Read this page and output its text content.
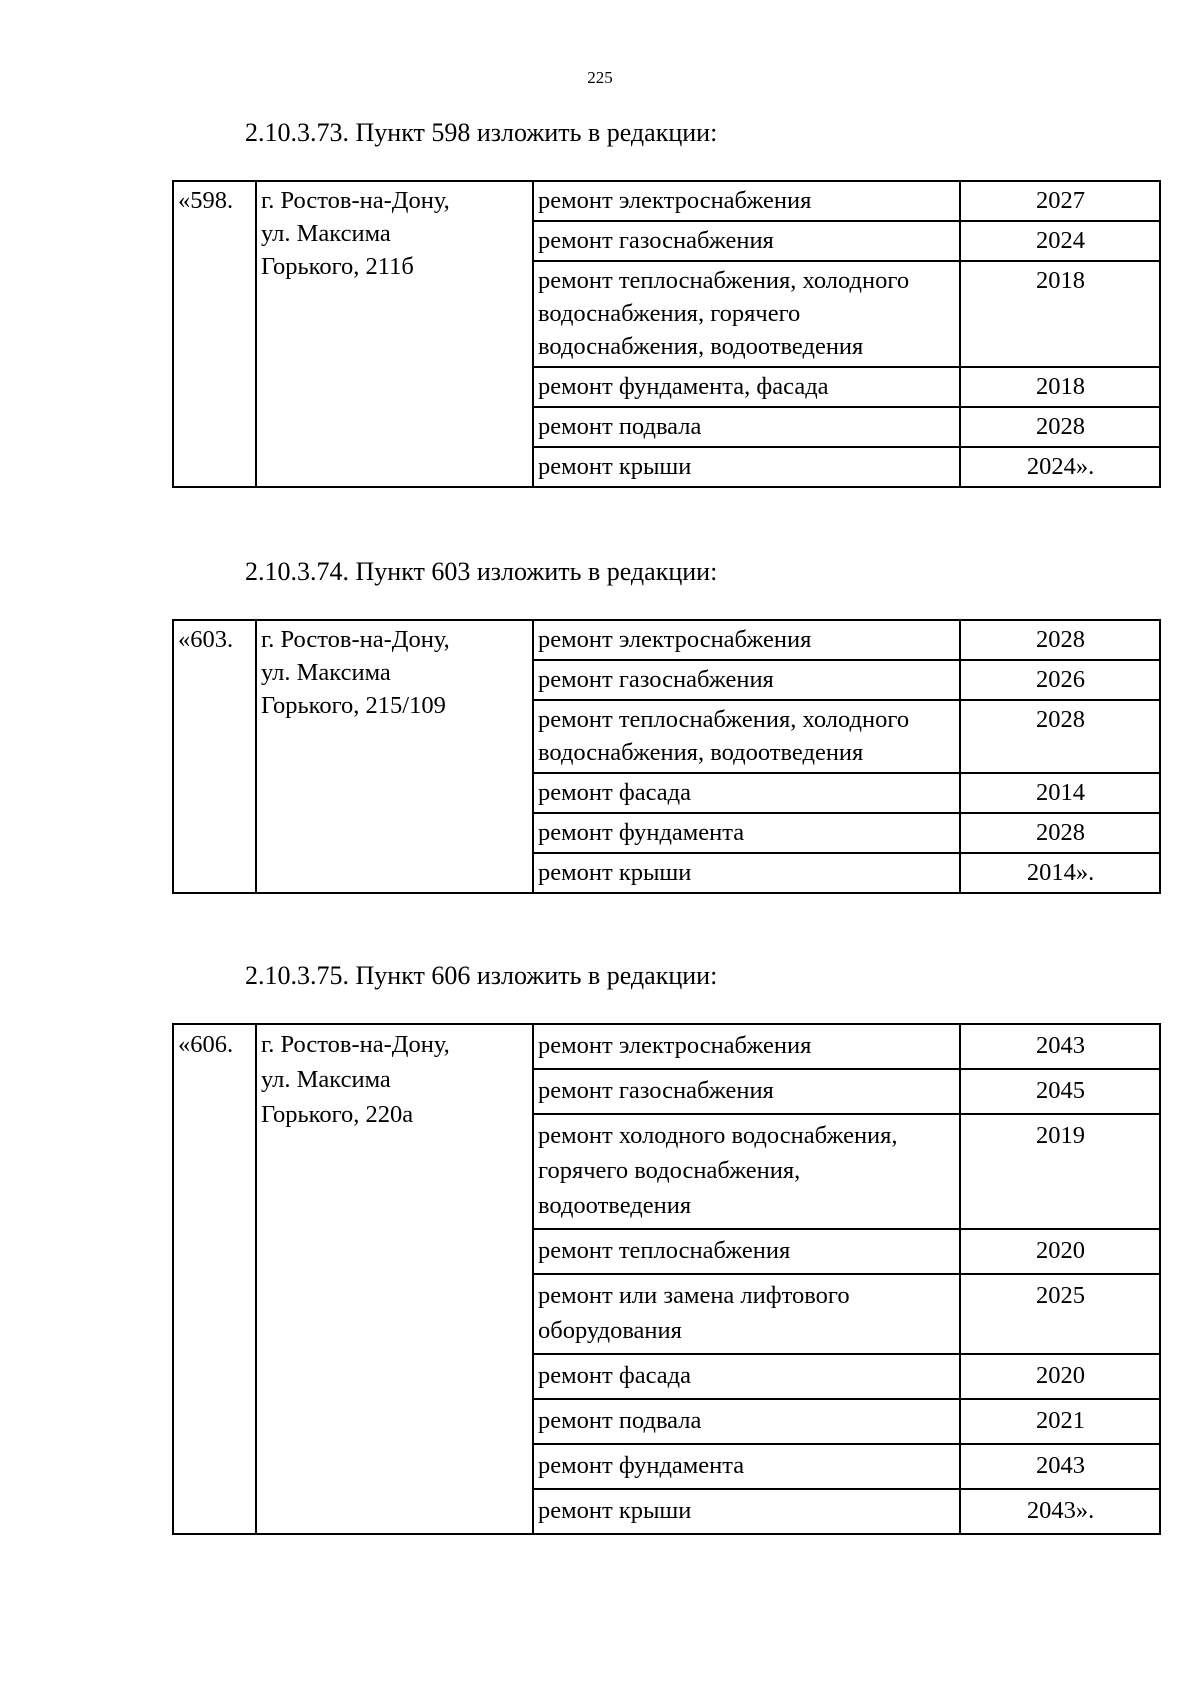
225
2.10.3.73. Пункт 598 изложить в редакции:
«598.	г. Ростов-на-Дону,
ул. Максима
Горького, 211б	ремонт электроснабжения	2027
		ремонт газоснабжения	2024
		ремонт теплоснабжения, холодного водоснабжения, горячего водоснабжения, водоотведения	2018
		ремонт фундамента, фасада	2018
		ремонт подвала	2028
		ремонт крыши	2024».
2.10.3.74. Пункт 603 изложить в редакции:
«603.	г. Ростов-на-Дону,
ул. Максима
Горького, 215/109	ремонт электроснабжения	2028
		ремонт газоснабжения	2026
		ремонт теплоснабжения, холодного водоснабжения, водоотведения	2028
		ремонт фасада	2014
		ремонт фундамента	2028
		ремонт крыши	2014».
2.10.3.75. Пункт 606 изложить в редакции:
«606.	г. Ростов-на-Дону,
ул. Максима
Горького, 220а	ремонт электроснабжения	2043
		ремонт газоснабжения	2045
		ремонт холодного водоснабжения, горячего водоснабжения, водоотведения	2019
		ремонт теплоснабжения	2020
		ремонт или замена лифтового оборудования	2025
		ремонт фасада	2020
		ремонт подвала	2021
		ремонт фундамента	2043
		ремонт крыши	2043».
